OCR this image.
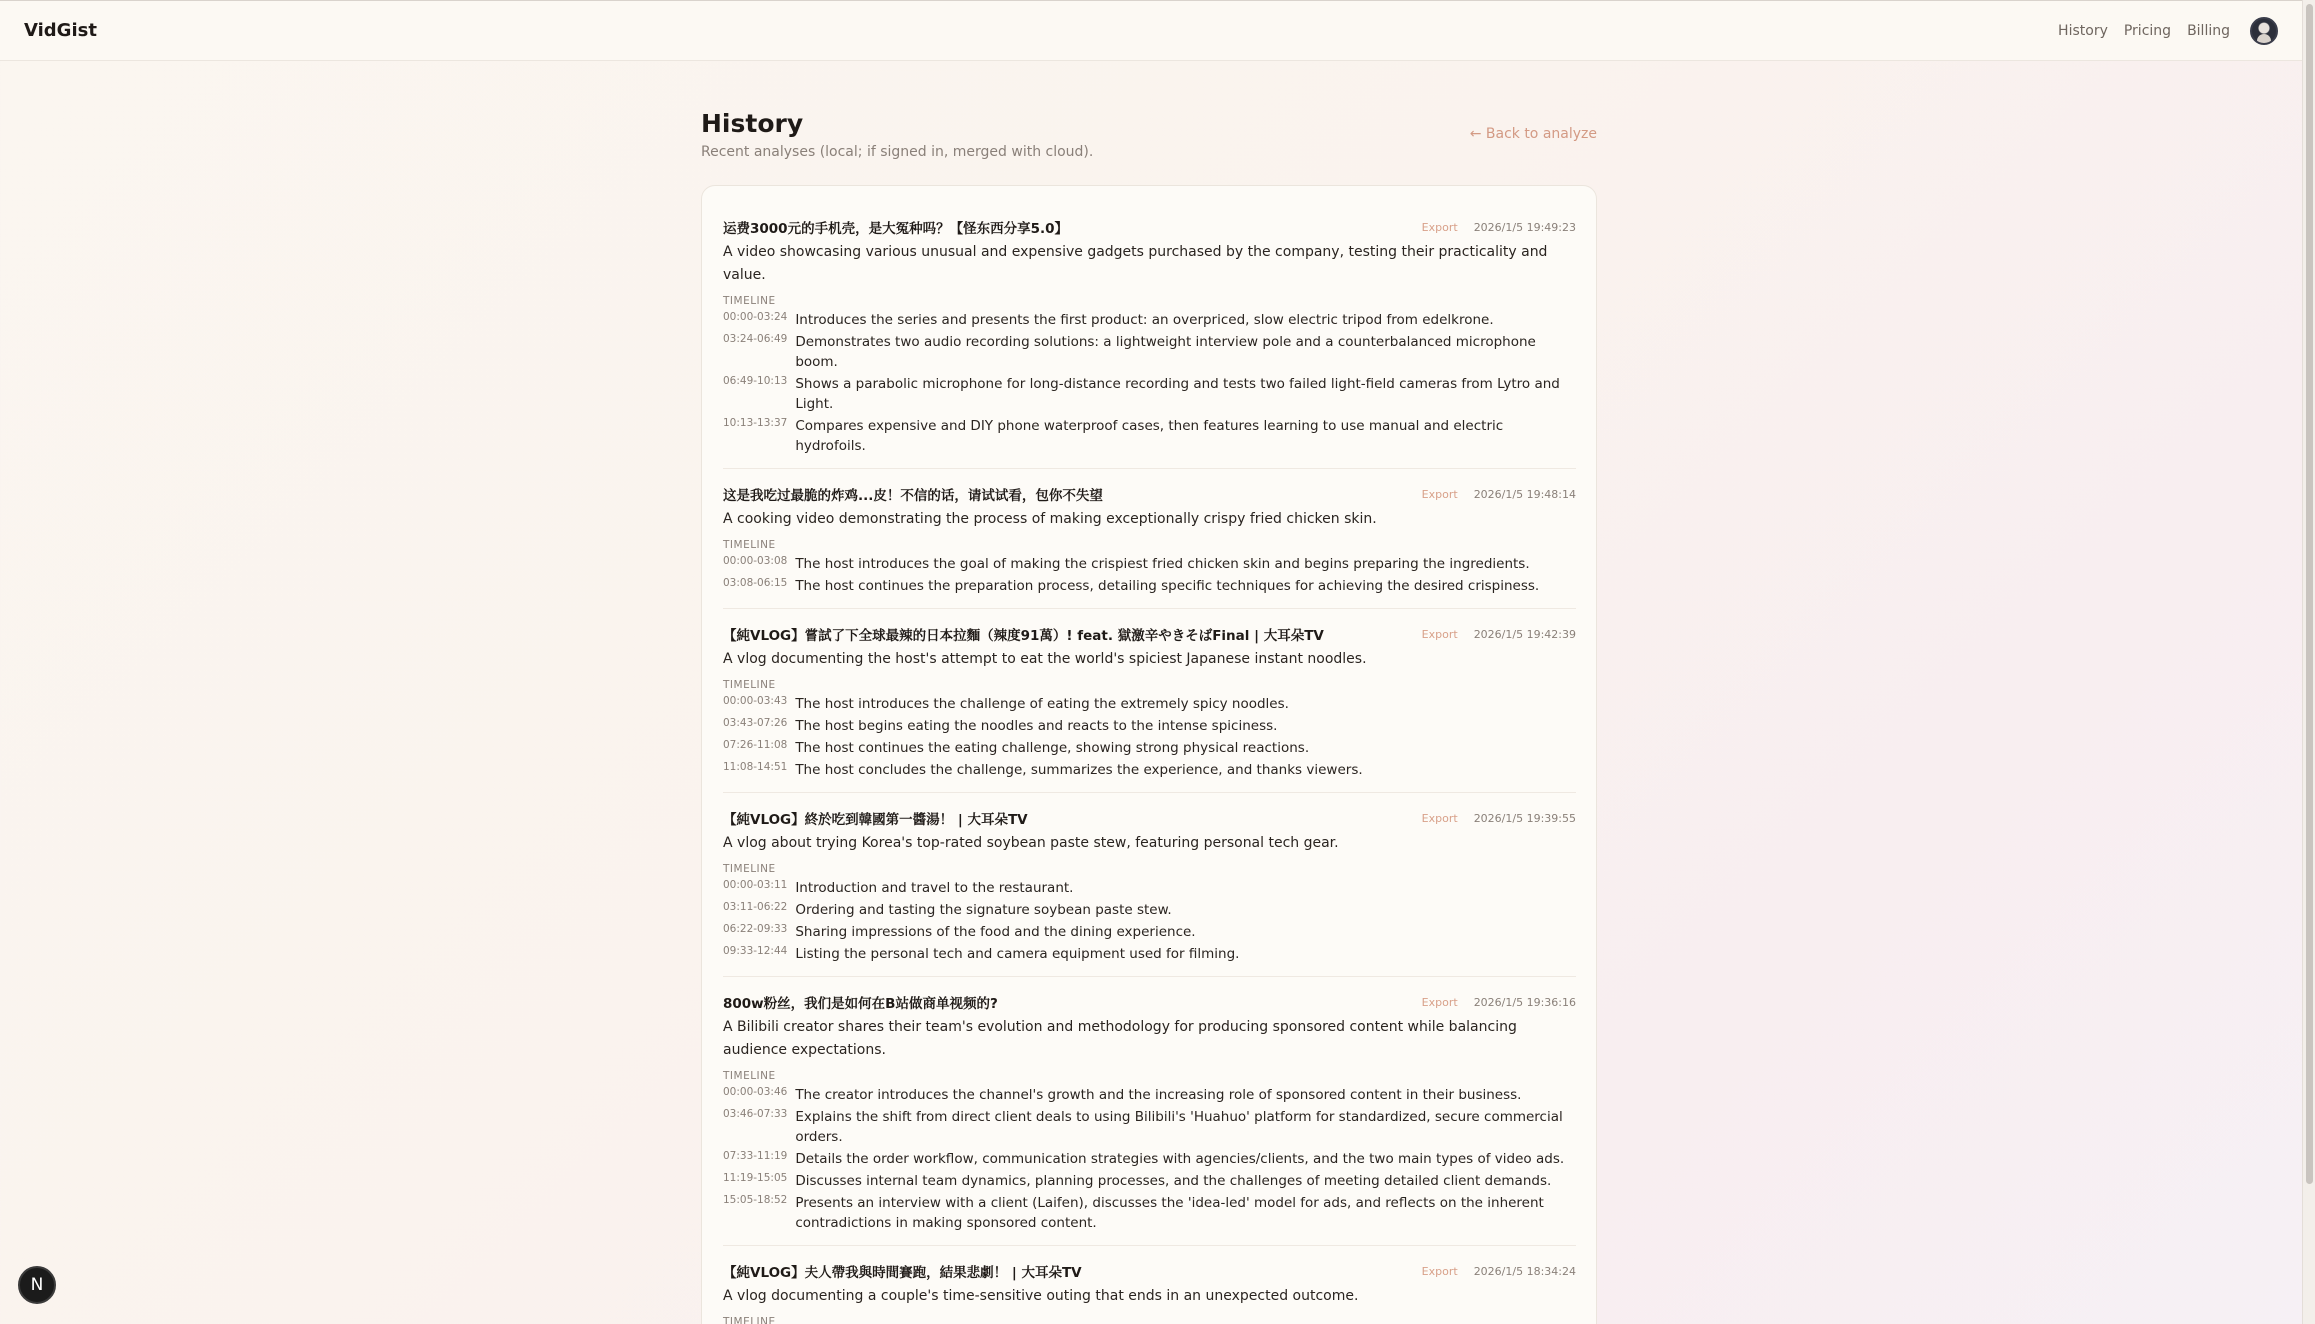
VidGist	History Pricing Billing
History
Recent analyses (local; if signed in, merged with cloud).
← Back to analyze
运费3000元的手机壳，是大冤种吗？【怪东西分享5.0】	Export 2026/1/5 19:49:23
A video showcasing various unusual and expensive gadgets purchased by the company, testing their practicality and value.
TIMELINE
00:00-03:24 Introduces the series and presents the first product: an overpriced, slow electric tripod from edelkrone.
03:24-06:49 Demonstrates two audio recording solutions: a lightweight interview pole and a counterbalanced microphone boom.
06:49-10:13 Shows a parabolic microphone for long-distance recording and tests two failed light-field cameras from Lytro and Light.
10:13-13:37 Compares expensive and DIY phone waterproof cases, then features learning to use manual and electric hydrofoils.
这是我吃过最脆的炸鸡...皮！不信的话，请试试看，包你不失望	Export 2026/1/5 19:48:14
A cooking video demonstrating the process of making exceptionally crispy fried chicken skin.
TIMELINE
00:00-03:08 The host introduces the goal of making the crispiest fried chicken skin and begins preparing the ingredients.
03:08-06:15 The host continues the preparation process, detailing specific techniques for achieving the desired crispiness.
【純VLOG】嘗試了下全球最辣的日本拉麵（辣度91萬）! feat. 獄激辛やきそばFinal | 大耳朵TV	Export 2026/1/5 19:42:39
A vlog documenting the host's attempt to eat the world's spiciest Japanese instant noodles.
TIMELINE
00:00-03:43 The host introduces the challenge of eating the extremely spicy noodles.
03:43-07:26 The host begins eating the noodles and reacts to the intense spiciness.
07:26-11:08 The host continues the eating challenge, showing strong physical reactions.
11:08-14:51 The host concludes the challenge, summarizes the experience, and thanks viewers.
【純VLOG】終於吃到韓國第一醬湯！ | 大耳朵TV	Export 2026/1/5 19:39:55
A vlog about trying Korea's top-rated soybean paste stew, featuring personal tech gear.
TIMELINE
00:00-03:11 Introduction and travel to the restaurant.
03:11-06:22 Ordering and tasting the signature soybean paste stew.
06:22-09:33 Sharing impressions of the food and the dining experience.
09:33-12:44 Listing the personal tech and camera equipment used for filming.
800w粉丝，我们是如何在B站做商单视频的?	Export 2026/1/5 19:36:16
A Bilibili creator shares their team's evolution and methodology for producing sponsored content while balancing audience expectations.
TIMELINE
00:00-03:46 The creator introduces the channel's growth and the increasing role of sponsored content in their business.
03:46-07:33 Explains the shift from direct client deals to using Bilibili's 'Huahuo' platform for standardized, secure commercial orders.
07:33-11:19 Details the order workflow, communication strategies with agencies/clients, and the two main types of video ads.
11:19-15:05 Discusses internal team dynamics, planning processes, and the challenges of meeting detailed client demands.
15:05-18:52 Presents an interview with a client (Laifen), discusses the 'idea-led' model for ads, and reflects on the inherent contradictions in making sponsored content.
【純VLOG】夫人帶我與時間賽跑，結果悲劇！ | 大耳朵TV	Export 2026/1/5 18:34:24
A vlog documenting a couple's time-sensitive outing that ends in an unexpected outcome.
TIMELINE
N
